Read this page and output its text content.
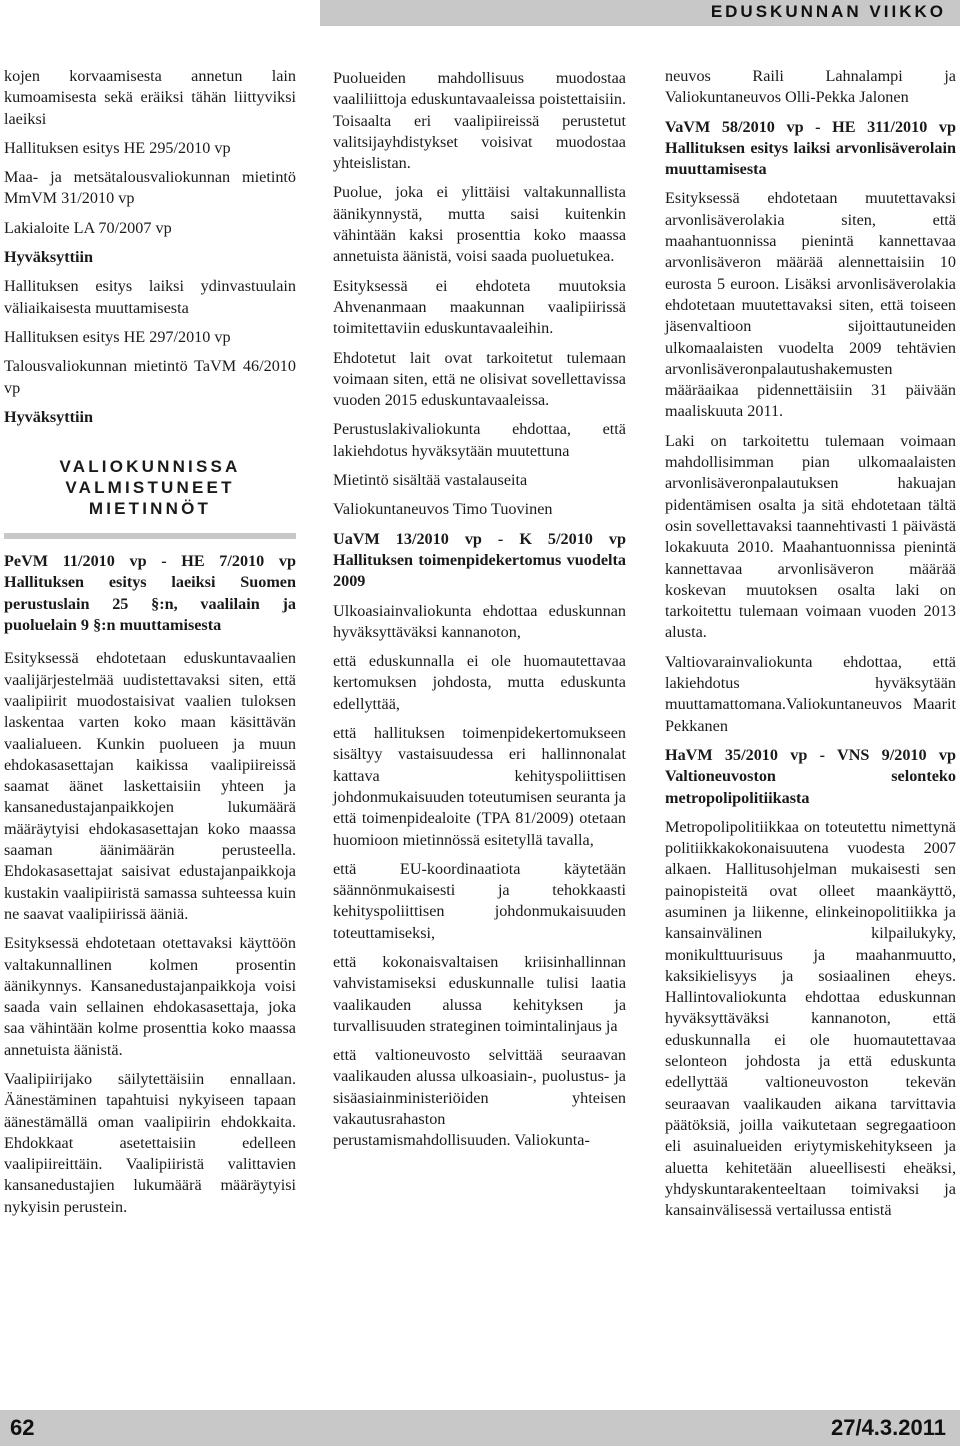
EDUSKUNNAN VIIKKO

kojen korvaamisesta annetun lain kumoamisesta sekä eräiksi tähän liittyviksi laeiksi

Hallituksen esitys HE 295/2010 vp

Maa- ja metsätalousvaliokunnan mietintö MmVM 31/2010 vp

Lakialoite LA 70/2007 vp

Hyväksyttiin

Hallituksen esitys laiksi ydinvastuulain väliaikaisesta muuttamisesta

Hallituksen esitys HE 297/2010 vp

Talousvaliokunnan mietintö TaVM 46/2010 vp

Hyväksyttiin

VALIOKUNNISSA
VALMISTUNEET
MIETINNÖT

PeVM 11/2010 vp - HE 7/2010 vp Hallituksen esitys laeiksi Suomen perustuslain 25 §:n, vaalilain ja puoluelain 9 §:n muuttamisesta

Esityksessä ehdotetaan eduskuntavaalien vaalijärjestelmää uudistettavaksi siten, että vaalipiirit muodostaisivat vaalien tuloksen laskentaa varten koko maan käsittävän vaalialueen. Kunkin puolueen ja muun ehdokasasettajan kaikissa vaalipiireissä saamat äänet laskettaisiin yhteen ja kansanedustajanpaikkojen lukumäärä määräytyisi ehdokasasettajan koko maassa saaman äänimäärän perusteella. Ehdokasasettajat saisivat edustajanpaikkoja kustakin vaalipiiristä samassa suhteessa kuin ne saavat vaalipiirissä ääniä.

Esityksessä ehdotetaan otettavaksi käyttöön valtakunnallinen kolmen prosentin äänikynnys. Kansanedustajanpaikkoja voisi saada vain sellainen ehdokasasettaja, joka saa vähintään kolme prosenttia koko maassa annetuista äänistä.

Vaalipiirijako säilytettäisiin ennallaan. Äänestäminen tapahtuisi nykyiseen tapaan äänestämällä oman vaalipiirin ehdokkaita. Ehdokkaat asetettaisiin edelleen vaalipiireittäin. Vaalipiiristä valittavien kansanedustajien lukumäärä määräytyisi nykyisin perustein.

Puolueiden mahdollisuus muodostaa vaaliliittoja eduskuntavaaleissa poistettaisiin. Toisaalta eri vaalipiireissä perustetut valitsijayhdistykset voisivat muodostaa yhteislistan.

Puolue, joka ei ylittäisi valtakunnallista äänikynnystä, mutta saisi kuitenkin vähintään kaksi prosenttia koko maassa annetuista äänistä, voisi saada puoluetukea.

Esityksessä ei ehdoteta muutoksia Ahvenanmaan maakunnan vaalipiirissä toimitettaviin eduskuntavaaleihin.

Ehdotetut lait ovat tarkoitetut tulemaan voimaan siten, että ne olisivat sovellettavissa vuoden 2015 eduskuntavaaleissa.

Perustuslakivaliokunta ehdottaa, että lakiehdotus hyväksytään muutettuna

Mietintö sisältää vastalauseita

Valiokuntaneuvos Timo Tuovinen

UaVM 13/2010 vp - K 5/2010 vp Hallituksen toimenpidekertomus vuodelta 2009

Ulkoasiainvaliokunta ehdottaa eduskunnan hyväksyttäväksi kannanoton,

että eduskunnalla ei ole huomautettavaa kertomuksen johdosta, mutta eduskunta edellyttää,

että hallituksen toimenpidekertomukseen sisältyy vastaisuudessa eri hallinnonalat kattava kehityspoliittisen johdonmukaisuuden toteutumisen seuranta ja että toimenpidealoite (TPA 81/2009) otetaan huomioon mietinnössä esitetyllä tavalla,

että EU-koordinaatiota käytetään säännönmukaisesti ja tehokkaasti kehityspoliittisen johdonmukaisuuden toteuttamiseksi,

että kokonaisvaltaisen kriisinhallinnan vahvistamiseksi eduskunnalle tulisi laatia vaalikauden alussa kehityksen ja turvallisuuden strateginen toimintalinjaus ja

että valtioneuvosto selvittää seuraavan vaalikauden alussa ulkoasiain-, puolustus- ja sisäasiainministeriöiden yhteisen vakautusrahaston perustamismahdollisuuden. Valiokunta-

neuvos Raili Lahnalampi ja Valiokuntaneuvos Olli-Pekka Jalonen

VaVM 58/2010 vp - HE 311/2010 vp Hallituksen esitys laiksi arvonlisäverolain muuttamisesta

Esityksessä ehdotetaan muutettavaksi arvonlisäverolakia siten, että maahantuonnissa pienintä kannettavaa arvonlisäveron määrää alennettaisiin 10 eurosta 5 euroon. Lisäksi arvonlisäverolakia ehdotetaan muutettavaksi siten, että toiseen jäsenvaltioon sijoittautuneiden ulkomaalaisten vuodelta 2009 tehtävien arvonlisäveronpalautushakemusten määräaikaa pidennettäisiin 31 päivään maaliskuuta 2011.

Laki on tarkoitettu tulemaan voimaan mahdollisimman pian ulkomaalaisten arvonlisäveronpalautuksen hakuajan pidentämisen osalta ja sitä ehdotetaan tältä osin sovellettavaksi taannehtivasti 1 päivästä lokakuuta 2010. Maahantuonnissa pienintä kannettavaa arvonlisäveron määrää koskevan muutoksen osalta laki on tarkoitettu tulemaan voimaan vuoden 2013 alusta.

Valtiovarainvaliokunta ehdottaa, että lakiehdotus hyväksytään muuttamattomana.Valiokuntaneuvos Maarit Pekkanen

HaVM 35/2010 vp - VNS 9/2010 vp Valtioneuvoston selonteko metropolipolitiikasta

Metropolipolitiikkaa on toteutettu nimettynä politiikkakokonaisuutena vuodesta 2007 alkaen. Hallitusohjelman mukaisesti sen painopisteitä ovat olleet maankäyttö, asuminen ja liikenne, elinkeinopolitiikka ja kansainvälinen kilpailukyky, monikulttuurisuus ja maahanmuutto, kaksikielisyys ja sosiaalinen eheys. Hallintovaliokunta ehdottaa eduskunnan hyväksyttäväksi kannanoton, että eduskunnalla ei ole huomautettavaa selonteon johdosta ja että eduskunta edellyttää valtioneuvoston tekevän seuraavan vaalikauden aikana tarvittavia päätöksiä, joilla vaikutetaan segregaatioon eli asuinalueiden eriytymiskehitykseen ja aluetta kehitetään alueellisesti eheäksi, yhdyskuntarakenteeltaan toimivaksi ja kansainvälisessä vertailussa entistä

62	27/4.3.2011
